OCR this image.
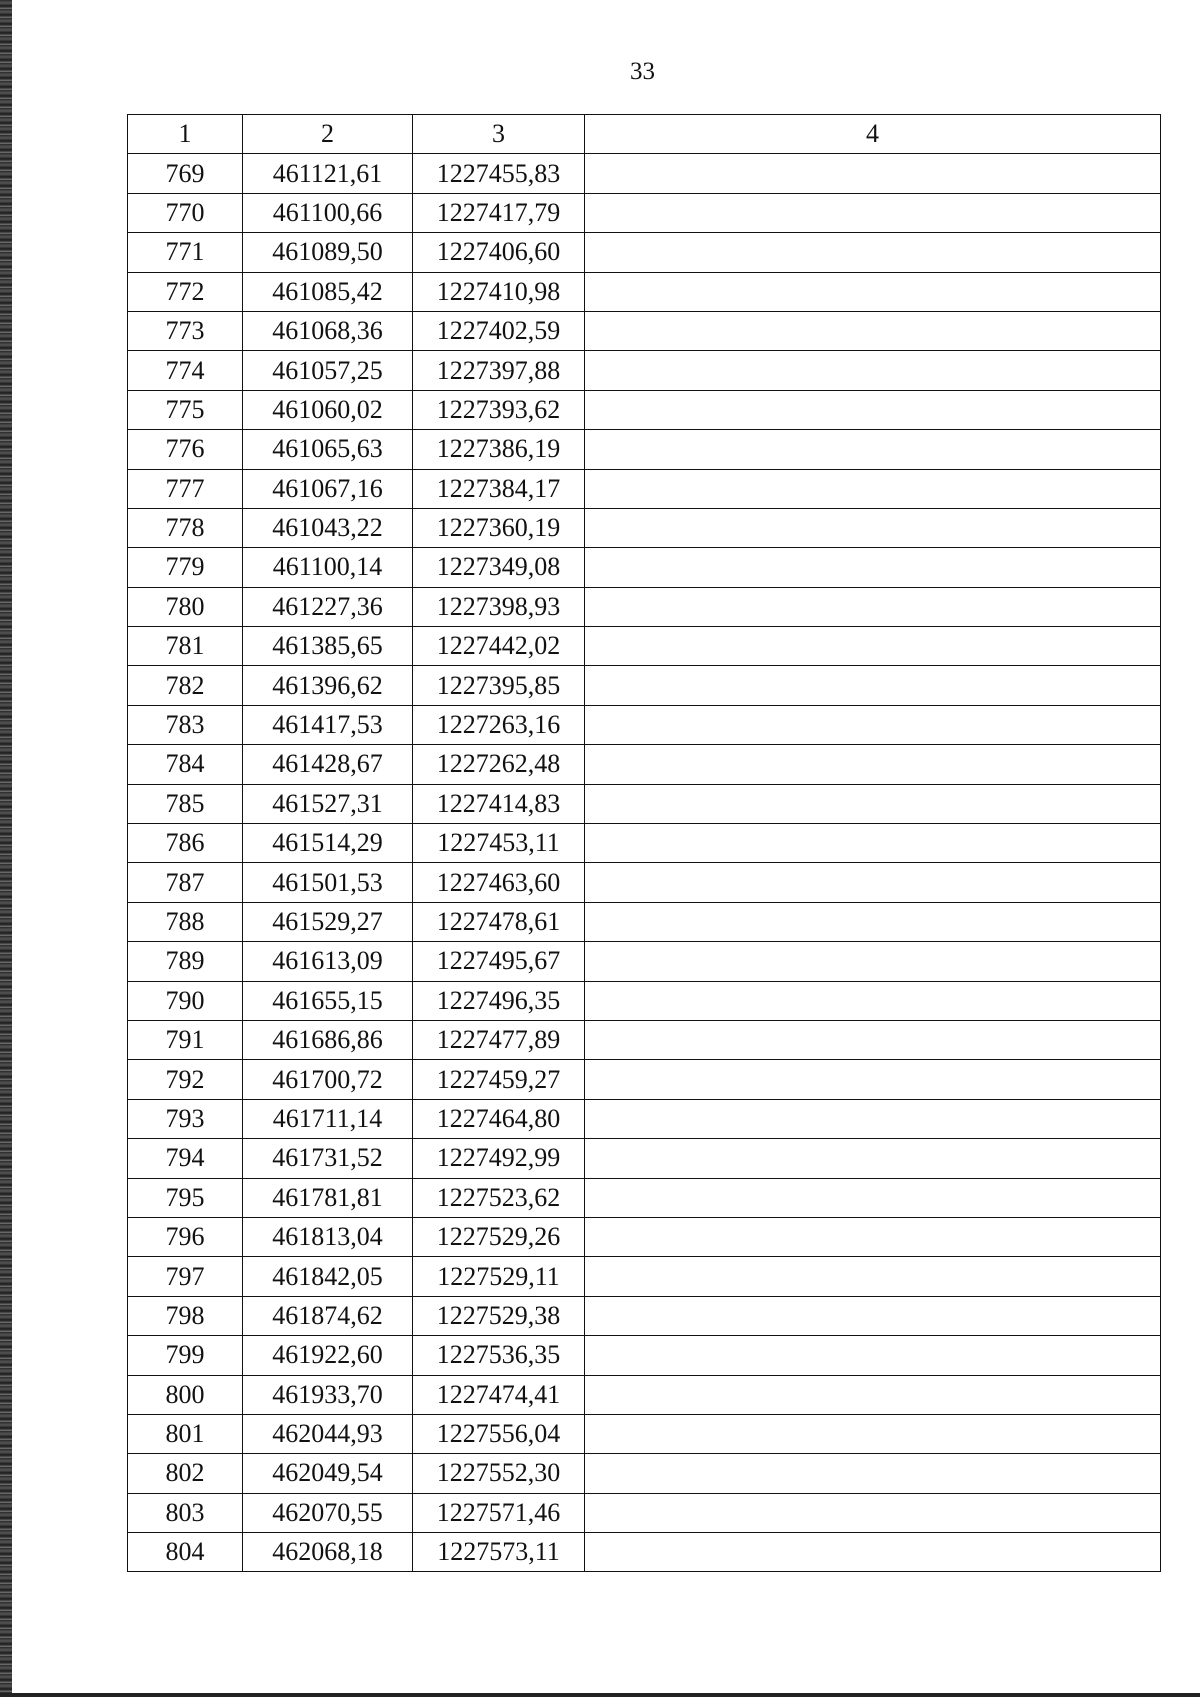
33
1	2	3	4
769	461121,61	1227455,83	
770	461100,66	1227417,79	
771	461089,50	1227406,60	
772	461085,42	1227410,98	
773	461068,36	1227402,59	
774	461057,25	1227397,88	
775	461060,02	1227393,62	
776	461065,63	1227386,19	
777	461067,16	1227384,17	
778	461043,22	1227360,19	
779	461100,14	1227349,08	
780	461227,36	1227398,93	
781	461385,65	1227442,02	
782	461396,62	1227395,85	
783	461417,53	1227263,16	
784	461428,67	1227262,48	
785	461527,31	1227414,83	
786	461514,29	1227453,11	
787	461501,53	1227463,60	
788	461529,27	1227478,61	
789	461613,09	1227495,67	
790	461655,15	1227496,35	
791	461686,86	1227477,89	
792	461700,72	1227459,27	
793	461711,14	1227464,80	
794	461731,52	1227492,99	
795	461781,81	1227523,62	
796	461813,04	1227529,26	
797	461842,05	1227529,11	
798	461874,62	1227529,38	
799	461922,60	1227536,35	
800	461933,70	1227474,41	
801	462044,93	1227556,04	
802	462049,54	1227552,30	
803	462070,55	1227571,46	
804	462068,18	1227573,11	
